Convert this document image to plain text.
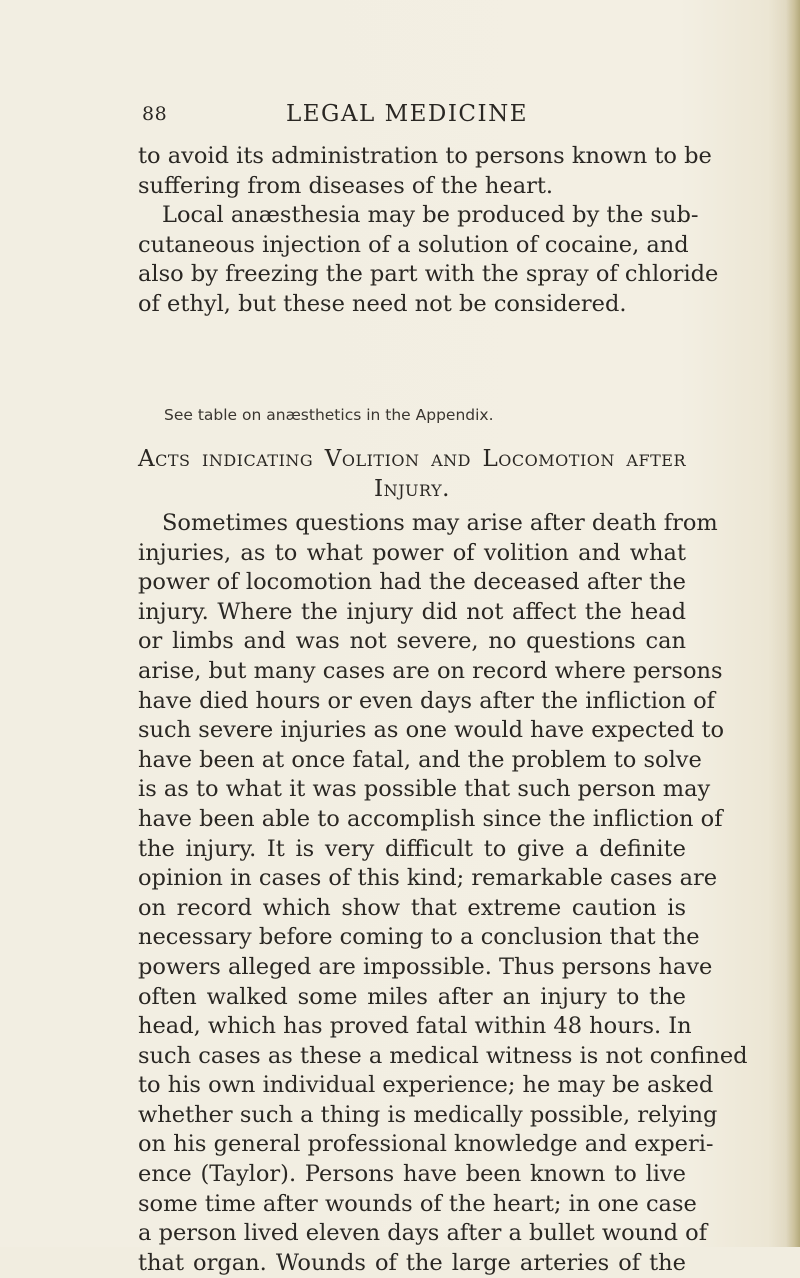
88	LEGAL MEDICINE
to avoid its administration to persons known to be
suffering from diseases of the heart.
Local anæsthesia may be produced by the sub-
cutaneous injection of a solution of cocaine, and
also by freezing the part with the spray of chloride
of ethyl, but these need not be considered.
See table on anæsthetics in the Appendix.
Acts indicating Volition and Locomotion after
Injury.
Sometimes questions may arise after death from
injuries, as to what power of volition and what
power of locomotion had the deceased after the
injury. Where the injury did not affect the head
or limbs and was not severe, no questions can
arise, but many cases are on record where persons
have died hours or even days after the infliction of
such severe injuries as one would have expected to
have been at once fatal, and the problem to solve
is as to what it was possible that such person may
have been able to accomplish since the infliction of
the injury. It is very difficult to give a definite
opinion in cases of this kind; remarkable cases are
on record which show that extreme caution is
necessary before coming to a conclusion that the
powers alleged are impossible. Thus persons have
often walked some miles after an injury to the
head, which has proved fatal within 48 hours. In
such cases as these a medical witness is not confined
to his own individual experience; he may be asked
whether such a thing is medically possible, relying
on his general professional knowledge and experi-
ence (Taylor). Persons have been known to live
some time after wounds of the heart; in one case
a person lived eleven days after a bullet wound of
that organ. Wounds of the large arteries of the
